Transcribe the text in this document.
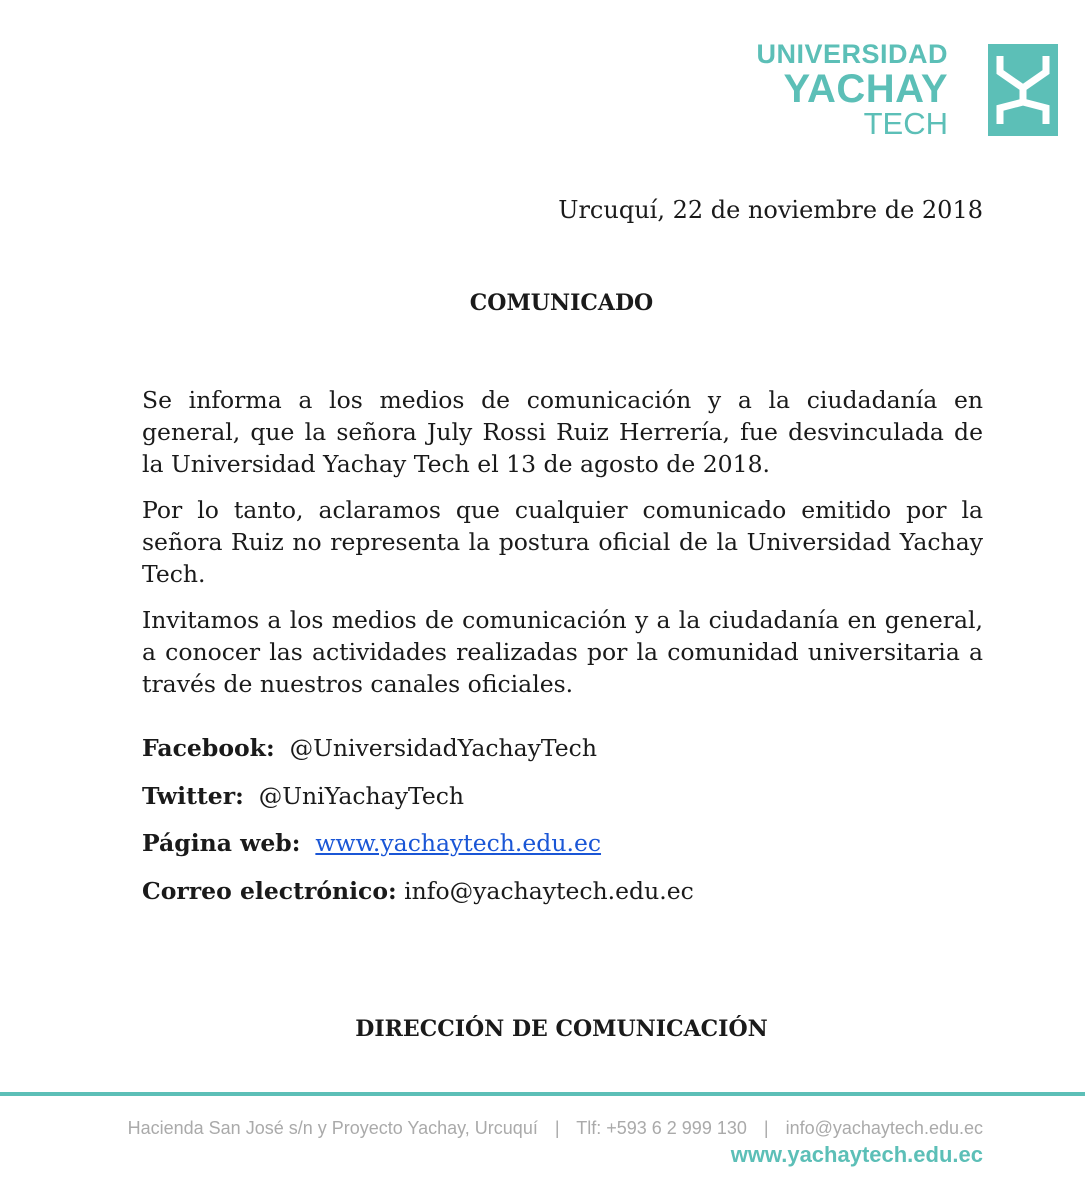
UNIVERSIDAD
YACHAY
TECH
Urcuquí, 22 de noviembre de 2018
COMUNICADO

Se informa a los medios de comunicación y a la ciudadanía en general, que la señora July Rossi Ruiz Herrería, fue desvinculada de la Universidad Yachay Tech el 13 de agosto de 2018.

Por lo tanto, aclaramos que cualquier comunicado emitido por la señora Ruiz no representa la postura oficial de la Universidad Yachay Tech.

Invitamos a los medios de comunicación y a la ciudadanía en general, a conocer las actividades realizadas por la comunidad universitaria a través de nuestros canales oficiales.

Facebook: @UniversidadYachayTech
Twitter: @UniYachayTech
Página web: www.yachaytech.edu.ec
Correo electrónico: info@yachaytech.edu.ec
DIRECCIÓN DE COMUNICACIÓN
Hacienda San José s/n y Proyecto Yachay, Urcuquí | Tlf: +593 6 2 999 130 | info@yachaytech.edu.ec
www.yachaytech.edu.ec
